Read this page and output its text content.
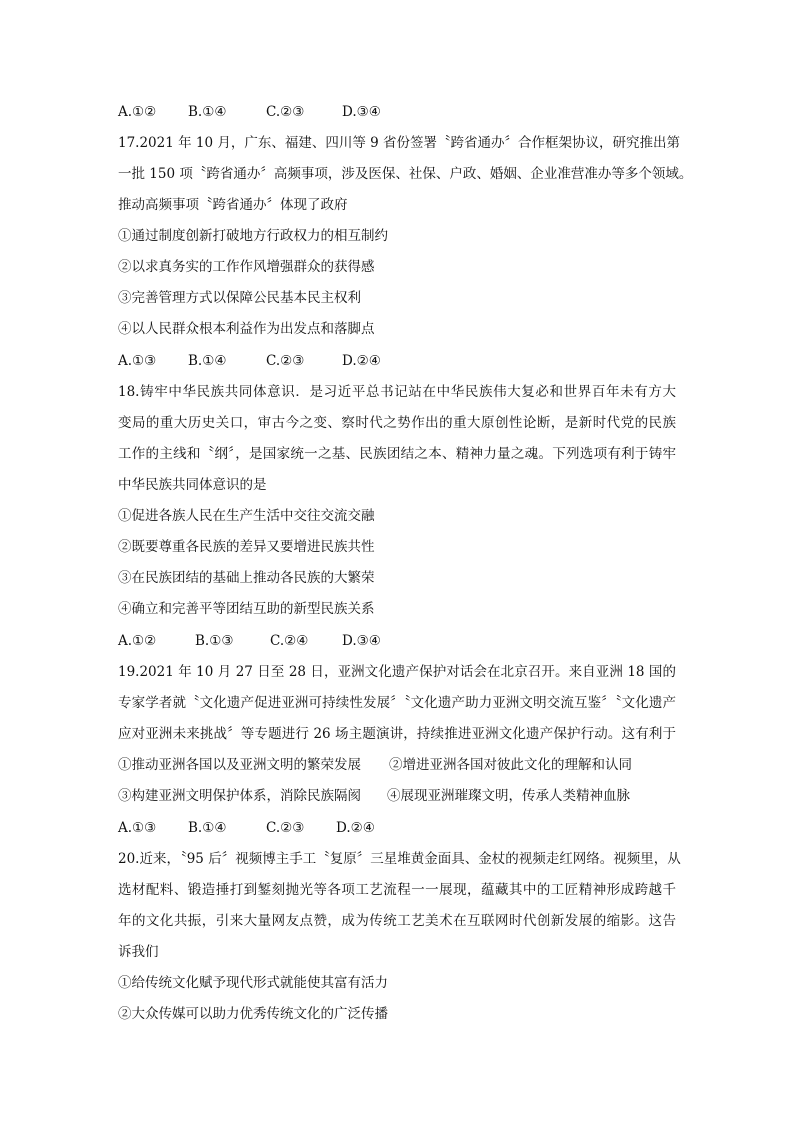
A.①② B.①④	C.②③	D.③④
17.2021 年 10 月，广东、福建、四川等 9 省份签署〝跨省通办〞合作框架协议，研究推出第
一批 150 项〝跨省通办〞高频事项，涉及医保、社保、户政、婚姻、企业准营准办等多个领域。
推动高频事项〝跨省通办〞体现了政府
①通过制度创新打破地方行政权力的相互制约
②以求真务实的工作作风增强群众的获得感
③完善管理方式以保障公民基本民主权利
④以人民群众根本利益作为出发点和落脚点
A.①③ B.①④	C.②③	D.②④
18.铸牢中华民族共同体意识．是习近平总书记站在中华民族伟大复必和世界百年未有方大
变局的重大历史关口，审古今之变、察时代之势作出的重大原创性论断，是新时代党的民族
工作的主线和〝纲〞，是国家统一之基、民族团结之本、精神力量之魂。下列选项有利于铸牢
中华民族共同体意识的是
①促进各族人民在生产生活中交往交流交融
②既要尊重各民族的差异又要增进民族共性
③在民族团结的基础上推动各民族的大繁荣
④确立和完善平等团结互助的新型民族关系
A.①②	B.①③	C.②④ D.③④
19.2021 年 10 月 27 日至 28 日，亚洲文化遗产保护对话会在北京召开。来自亚洲 18 国的
专家学者就〝文化遗产促进亚洲可持续性发展〞〝文化遗产助力亚洲文明交流互鉴〞〝文化遗产
应对亚洲未来挑战〞等专题进行 26 场主题演讲，持续推进亚洲文化遗产保护行动。这有利于
①推动亚洲各国以及亚洲文明的繁荣发展 ②增进亚洲各国对彼此文化的理解和认同
③构建亚洲文明保护体系，消除民族隔阂 ④展现亚洲璀璨文明，传承人类精神血脉
A.①③ B.①④	C.②③ D.②④
20.近来，〝95 后〞视频博主手工〝复原〞三星堆黄金面具、金杖的视频走红网络。视频里，从
选材配料、锻造捶打到錾刻抛光等各项工艺流程一一展现，蕴藏其中的工匠精神形成跨越千
年的文化共振，引来大量网友点赞，成为传统工艺美术在互联网时代创新发展的缩影。这告
诉我们
①给传统文化赋予现代形式就能使其富有活力
②大众传媒可以助力优秀传统文化的广泛传播
